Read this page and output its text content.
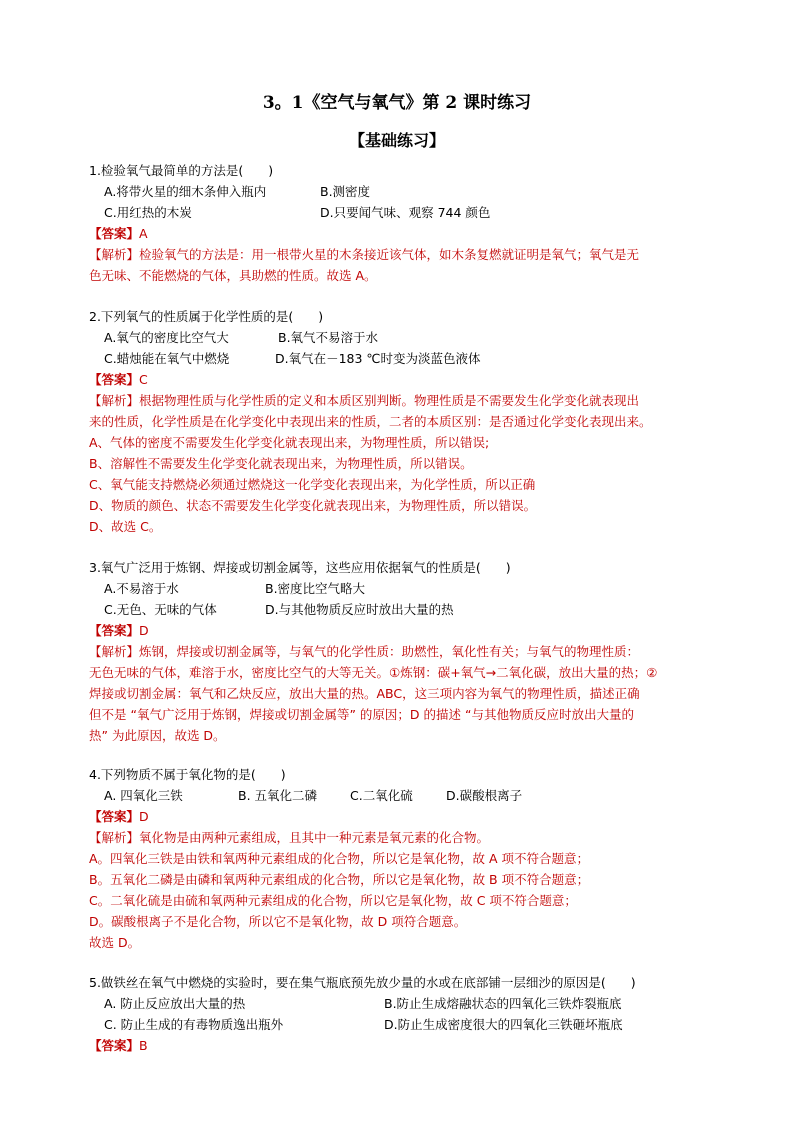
3。1《空气与氧气》第 2 课时练习
【基础练习】
1.检验氧气最简单的方法是(　　)
A.将带火星的细木条伸入瓶内	B.测密度
C.用红热的木炭	D.只要闻气味、观察 744 颜色
【答案】A
【解析】检验氧气的方法是：用一根带火星的木条接近该气体，如木条复燃就证明是氧气；氧气是无
色无味、不能燃烧的气体，具助燃的性质。故选 A。
2.下列氧气的性质属于化学性质的是(　　)
A.氧气的密度比空气大	B.氧气不易溶于水
C.蜡烛能在氧气中燃烧	D.氧气在－183 ℃时变为淡蓝色液体
【答案】C
【解析】根据物理性质与化学性质的定义和本质区别判断。物理性质是不需要发生化学变化就表现出
来的性质，化学性质是在化学变化中表现出来的性质，二者的本质区别：是否通过化学变化表现出来。
A、气体的密度不需要发生化学变化就表现出来，为物理性质，所以错误;
B、溶解性不需要发生化学变化就表现出来，为物理性质，所以错误。
C、氧气能支持燃烧必须通过燃烧这一化学变化表现出来，为化学性质，所以正确
D、物质的颜色、状态不需要发生化学变化就表现出来，为物理性质，所以错误。
D、故选 C。
3.氧气广泛用于炼钢、焊接或切割金属等，这些应用依据氧气的性质是(　　)
A.不易溶于水	B.密度比空气略大
C.无色、无味的气体	D.与其他物质反应时放出大量的热
【答案】D
【解析】炼钢，焊接或切割金属等，与氧气的化学性质：助燃性，氧化性有关；与氧气的物理性质：
无色无味的气体，难溶于水，密度比空气的大等无关。①炼钢：碳+氧气→二氧化碳，放出大量的热；②
焊接或切割金属：氧气和乙炔反应，放出大量的热。ABC，这三项内容为氧气的物理性质，描述正确
但不是 “氧气广泛用于炼钢，焊接或切割金属等” 的原因；D 的描述 “与其他物质反应时放出大量的
热” 为此原因，故选 D。
4.下列物质不属于氧化物的是(　　)
A. 四氧化三铁	B. 五氧化二磷	C.二氧化硫	D.碳酸根离子
【答案】D
【解析】氧化物是由两种元素组成，且其中一种元素是氧元素的化合物。
A。四氧化三铁是由铁和氧两种元素组成的化合物，所以它是氧化物，故 A 项不符合题意；
B。五氧化二磷是由磷和氧两种元素组成的化合物，所以它是氧化物，故 B 项不符合题意；
C。二氧化硫是由硫和氧两种元素组成的化合物，所以它是氧化物，故 C 项不符合题意；
D。碳酸根离子不是化合物，所以它不是氧化物，故 D 项符合题意。
故选 D。
5.做铁丝在氧气中燃烧的实验时，要在集气瓶底预先放少量的水或在底部铺一层细沙的原因是(　　)
A. 防止反应放出大量的热	B.防止生成熔融状态的四氧化三铁炸裂瓶底
C. 防止生成的有毒物质逸出瓶外	D.防止生成密度很大的四氧化三铁砸坏瓶底
【答案】B
